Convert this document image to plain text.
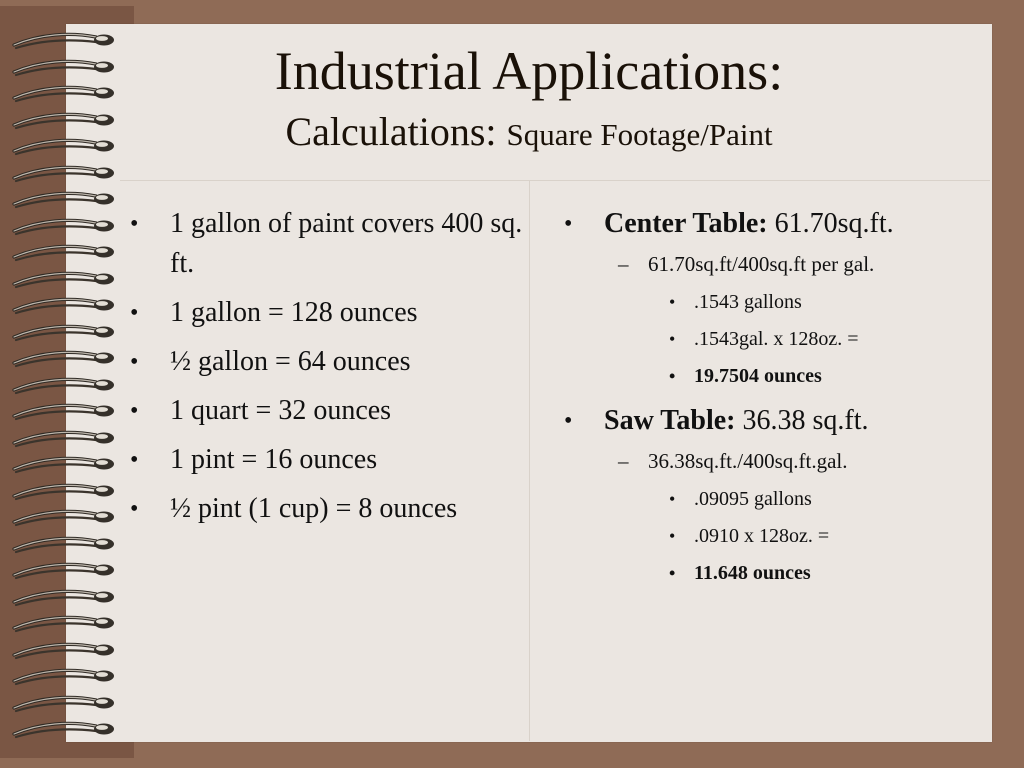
Industrial Applications:
Calculations: Square Footage/Paint
• 1 gallon of paint covers 400 sq. ft.
• 1 gallon = 128 ounces
• ½ gallon = 64 ounces
• 1 quart = 32 ounces
• 1 pint = 16 ounces
• ½ pint (1 cup) = 8 ounces
• Center Table: 61.70sq.ft.
– 61.70sq.ft/400sq.ft per gal.
• .1543 gallons
• .1543gal. x 128oz. =
• 19.7504 ounces
• Saw Table: 36.38 sq.ft.
– 36.38sq.ft./400sq.ft.gal.
• .09095 gallons
• .0910 x 128oz. =
• 11.648 ounces
